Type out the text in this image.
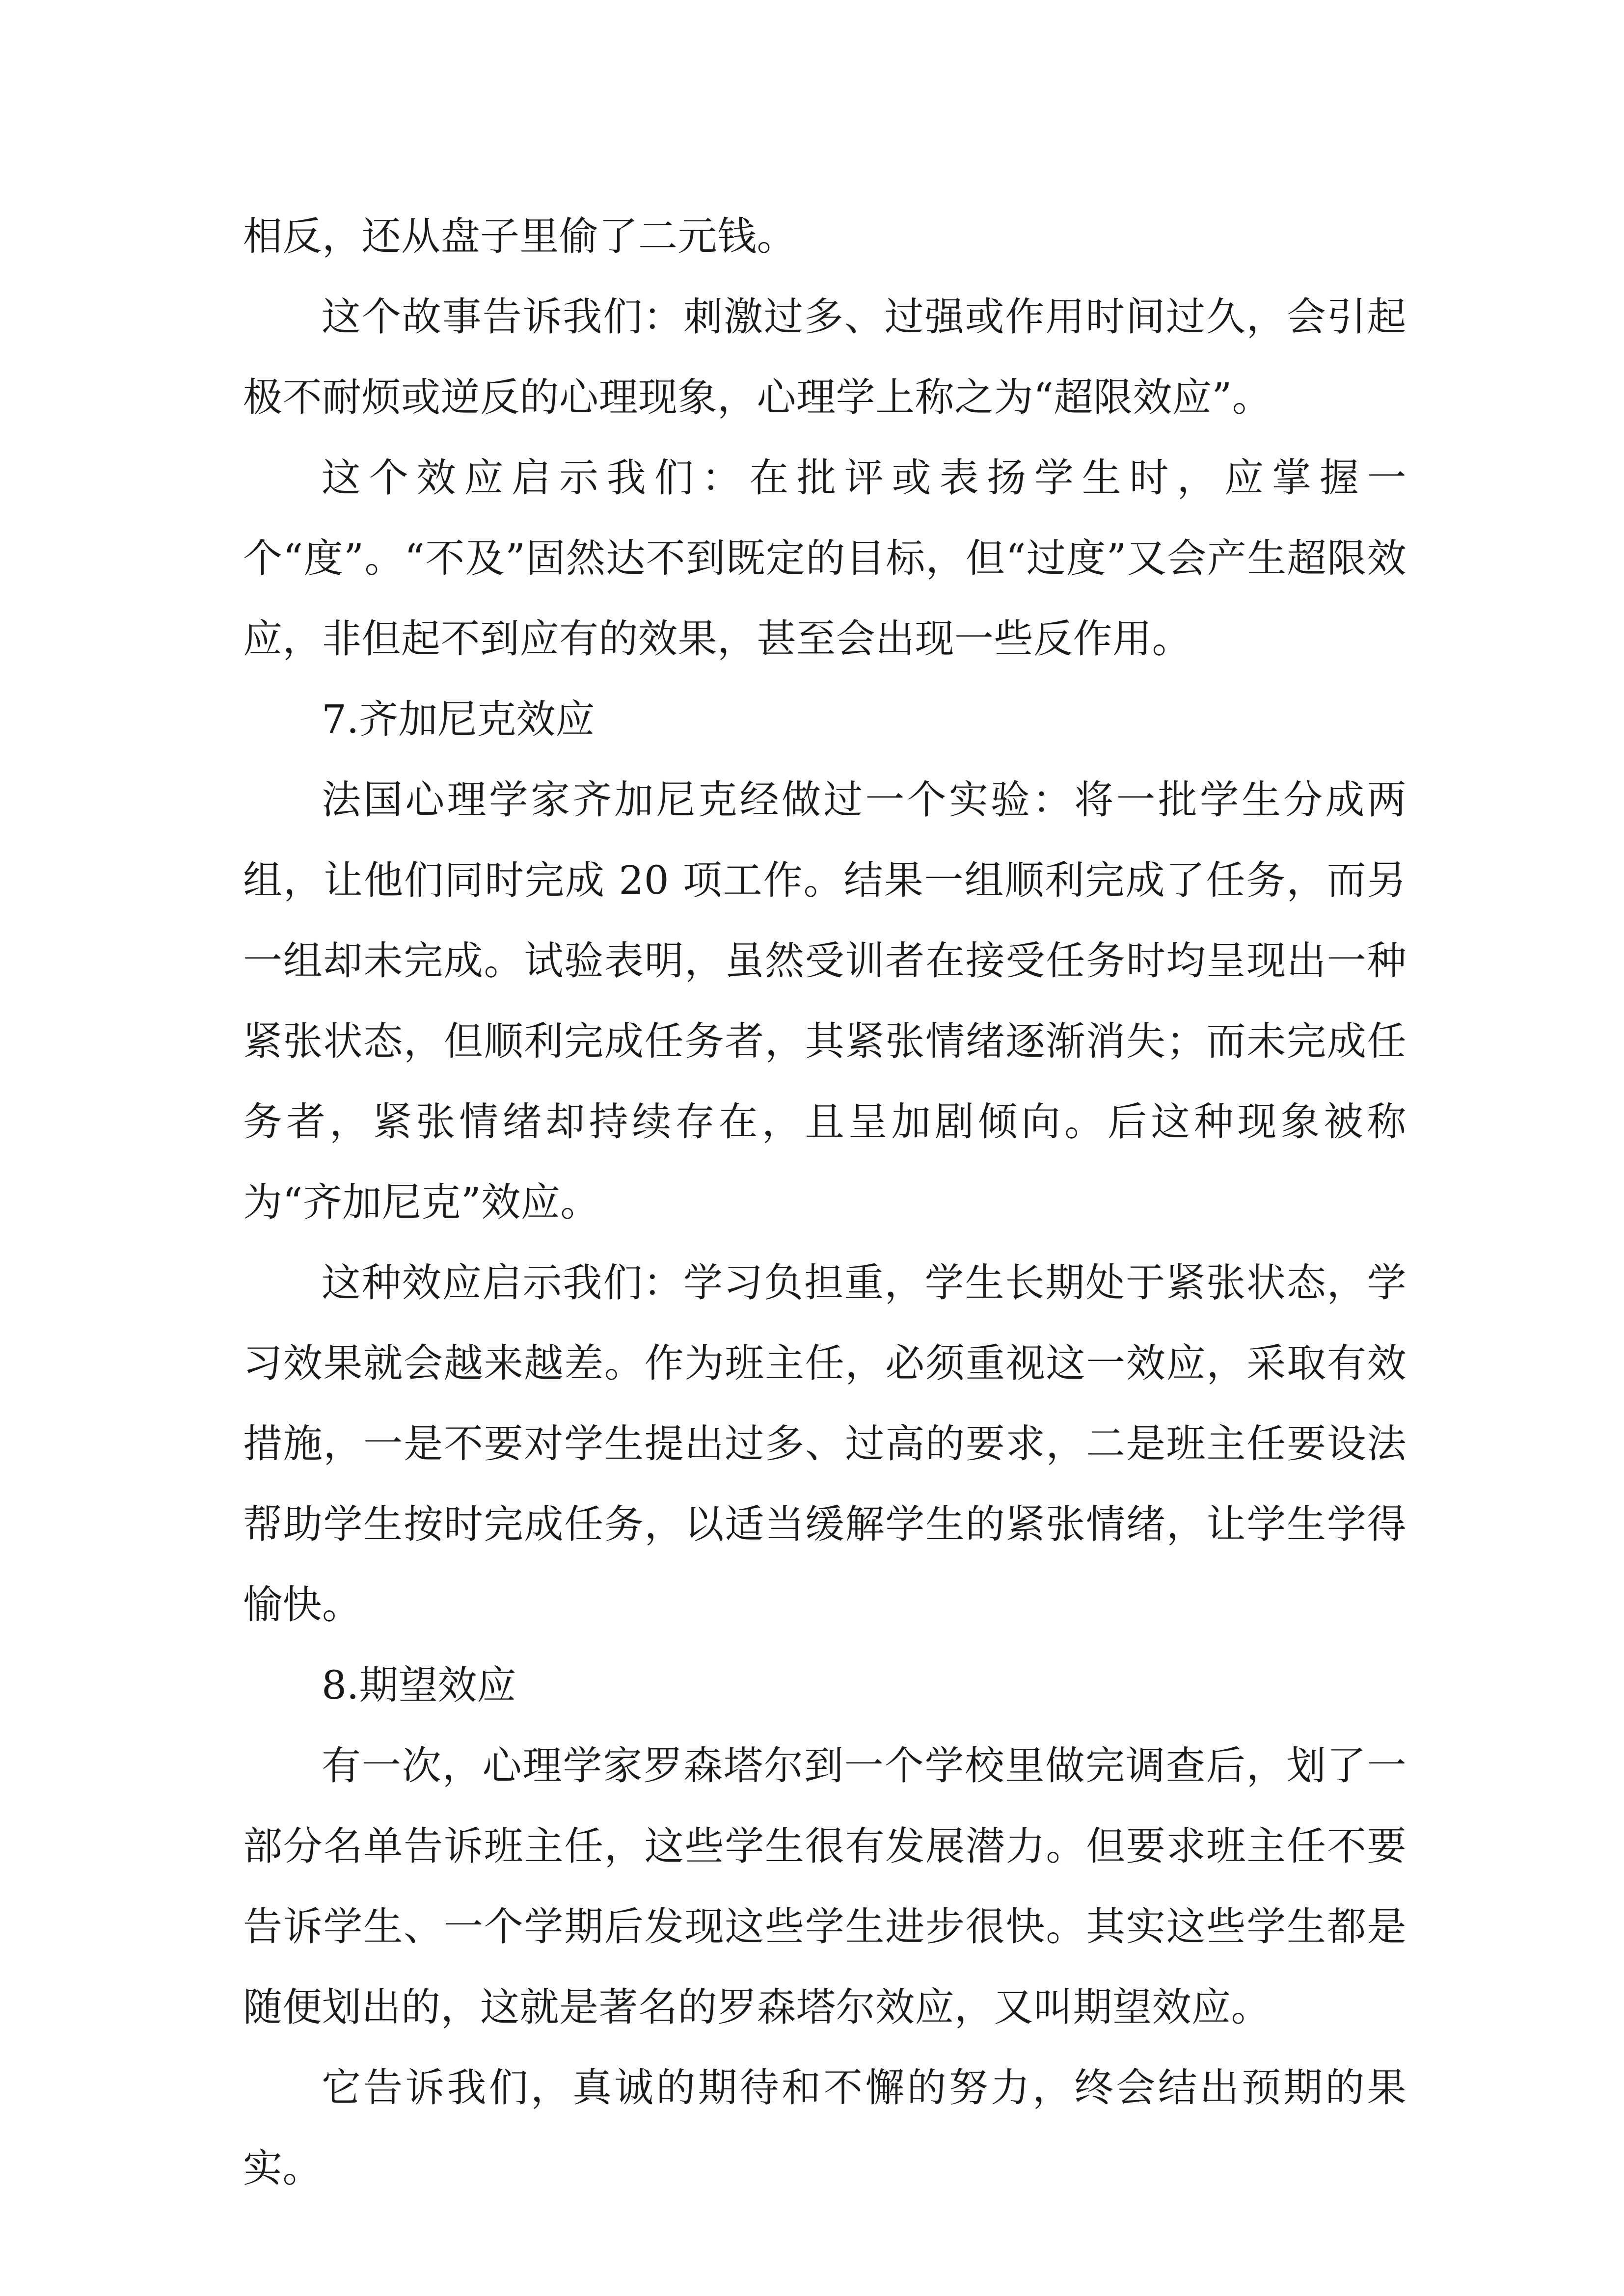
相反，还从盘子里偷了二元钱。

这个故事告诉我们：刺激过多、过强或作用时间过久，会引起极不耐烦或逆反的心理现象，心理学上称之为“超限效应”。

这个效应启示我们：在批评或表扬学生时，应掌握一个“度”。“不及”固然达不到既定的目标，但“过度”又会产生超限效应，非但起不到应有的效果，甚至会出现一些反作用。

7.齐加尼克效应

法国心理学家齐加尼克经做过一个实验：将一批学生分成两组，让他们同时完成 20 项工作。结果一组顺利完成了任务，而另一组却未完成。试验表明，虽然受训者在接受任务时均呈现出一种紧张状态，但顺利完成任务者，其紧张情绪逐渐消失；而未完成任务者，紧张情绪却持续存在，且呈加剧倾向。后这种现象被称为“齐加尼克”效应。

这种效应启示我们：学习负担重，学生长期处于紧张状态，学习效果就会越来越差。作为班主任，必须重视这一效应，采取有效措施，一是不要对学生提出过多、过高的要求，二是班主任要设法帮助学生按时完成任务，以适当缓解学生的紧张情绪，让学生学得愉快。

8.期望效应

有一次，心理学家罗森塔尔到一个学校里做完调查后，划了一部分名单告诉班主任，这些学生很有发展潜力。但要求班主任不要告诉学生、一个学期后发现这些学生进步很快。其实这些学生都是随便划出的，这就是著名的罗森塔尔效应，又叫期望效应。

它告诉我们，真诚的期待和不懈的努力，终会结出预期的果实。
